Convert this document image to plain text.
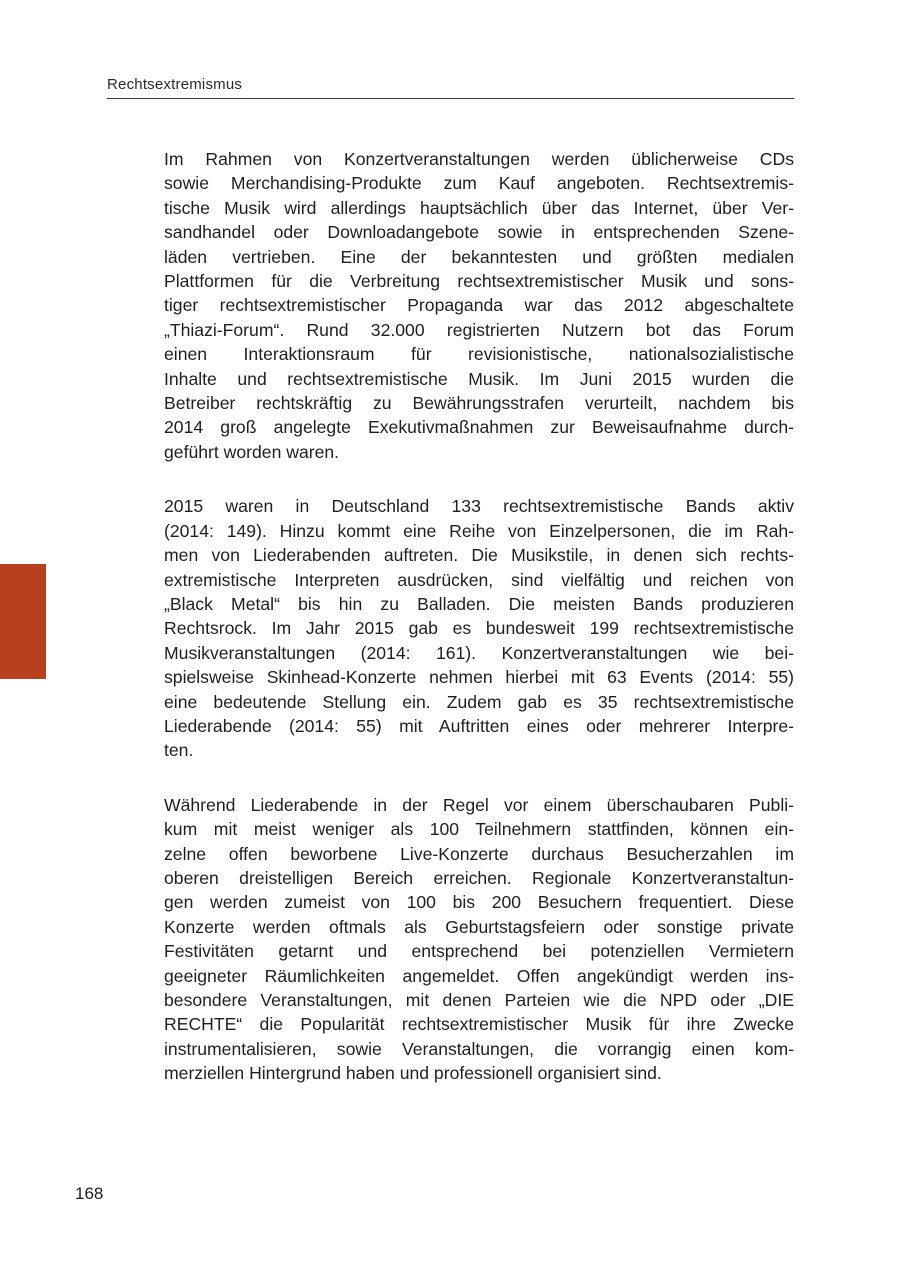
Rechtsextremismus

Im Rahmen von Konzertveranstaltungen werden üblicherweise CDs
sowie Merchandising-Produkte zum Kauf angeboten. Rechtsextremis-
tische Musik wird allerdings hauptsächlich über das Internet, über Ver-
sandhandel oder Downloadangebote sowie in entsprechenden Szene-
läden vertrieben. Eine der bekanntesten und größten medialen
Plattformen für die Verbreitung rechtsextremistischer Musik und sons-
tiger rechtsextremistischer Propaganda war das 2012 abgeschaltete
„Thiazi-Forum“. Rund 32.000 registrierten Nutzern bot das Forum
einen Interaktionsraum für revisionistische, nationalsozialistische
Inhalte und rechtsextremistische Musik. Im Juni 2015 wurden die
Betreiber rechtskräftig zu Bewährungsstrafen verurteilt, nachdem bis
2014 groß angelegte Exekutivmaßnahmen zur Beweisaufnahme durch-
geführt worden waren.

2015 waren in Deutschland 133 rechtsextremistische Bands aktiv
(2014: 149). Hinzu kommt eine Reihe von Einzelpersonen, die im Rah-
men von Liederabenden auftreten. Die Musikstile, in denen sich rechts-
extremistische Interpreten ausdrücken, sind vielfältig und reichen von
„Black Metal“ bis hin zu Balladen. Die meisten Bands produzieren
Rechtsrock. Im Jahr 2015 gab es bundesweit 199 rechtsextremistische
Musikveranstaltungen (2014: 161). Konzertveranstaltungen wie bei-
spielsweise Skinhead-Konzerte nehmen hierbei mit 63 Events (2014: 55)
eine bedeutende Stellung ein. Zudem gab es 35 rechtsextremistische
Liederabende (2014: 55) mit Auftritten eines oder mehrerer Interpre-
ten.

Während Liederabende in der Regel vor einem überschaubaren Publi-
kum mit meist weniger als 100 Teilnehmern stattfinden, können ein-
zelne offen beworbene Live-Konzerte durchaus Besucherzahlen im
oberen dreistelligen Bereich erreichen. Regionale Konzertveranstaltun-
gen werden zumeist von 100 bis 200 Besuchern frequentiert. Diese
Konzerte werden oftmals als Geburtstagsfeiern oder sonstige private
Festivitäten getarnt und entsprechend bei potenziellen Vermietern
geeigneter Räumlichkeiten angemeldet. Offen angekündigt werden ins-
besondere Veranstaltungen, mit denen Parteien wie die NPD oder „DIE
RECHTE“ die Popularität rechtsextremistischer Musik für ihre Zwecke
instrumentalisieren, sowie Veranstaltungen, die vorrangig einen kom-
merziellen Hintergrund haben und professionell organisiert sind.

168
